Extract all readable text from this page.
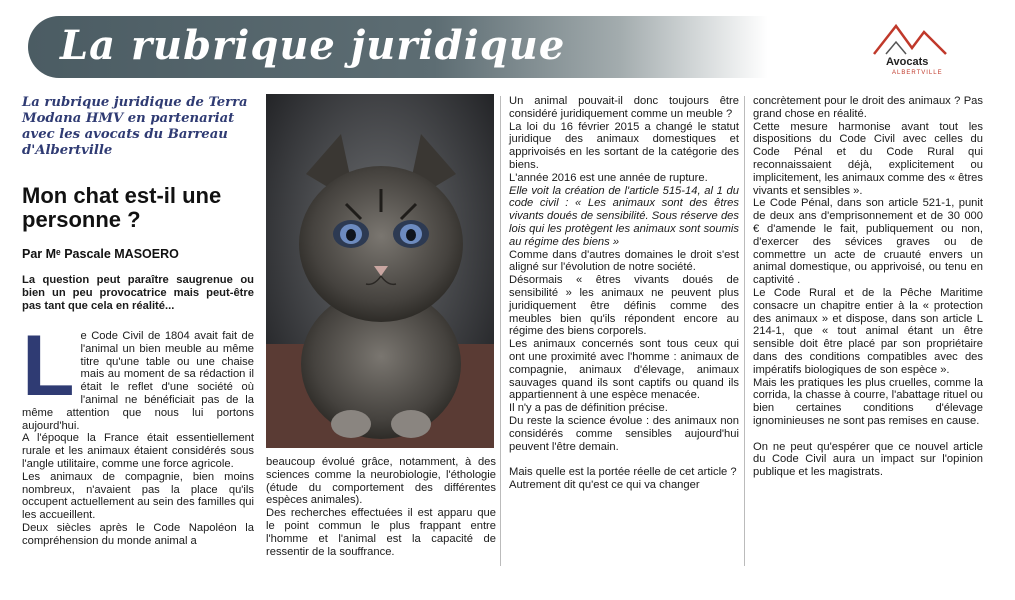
La rubrique juridique	Avocats
ALBERTVILLE
La rubrique juridique de Terra Modana HMV en partenariat avec les avocats du Barreau d'Albertville
Mon chat est-il une personne ?
Par Mᵉ Pascale MASOERO
La question peut paraître saugrenue ou bien un peu provocatrice mais peut-être pas tant que cela en réalité...
L e Code Civil de 1804 avait fait de l'animal un bien meuble au même titre qu'une table ou une chaise mais au moment de sa rédaction il était le reflet d'une société où l'animal ne bénéficiait pas de la même attention que nous lui portons aujourd'hui.

A l'époque la France était essentiellement rurale et les animaux étaient considérés sous l'angle utilitaire, comme une force agricole.

Les animaux de compagnie, bien moins nombreux, n'avaient pas la place qu'ils occupent actuellement au sein des familles qui les accueillent.

Deux siècles après le Code Napoléon la compréhension du monde animal a

beaucoup évolué grâce, notamment, à des sciences comme la neurobiologie, l'éthologie (étude du comportement des différentes espèces animales).

Des recherches effectuées il est apparu que le point commun le plus frappant entre l'homme et l'animal est la capacité de ressentir de la souffrance.

Un animal pouvait-il donc toujours être considéré juridiquement comme un meuble ?

La loi du 16 février 2015 a changé le statut juridique des animaux domestiques et apprivoisés en les sortant de la catégorie des biens.

L'année 2016 est une année de rupture.

Elle voit la création de l'article 515-14, al 1 du code civil : « Les animaux sont des êtres vivants doués de sensibilité. Sous réserve des lois qui les protègent les animaux sont soumis au régime des biens »

Comme dans d'autres domaines le droit s'est aligné sur l'évolution de notre société.

Désormais « êtres vivants doués de sensibilité » les animaux ne peuvent plus juridiquement être définis comme des meubles bien qu'ils répondent encore au régime des biens corporels.

Les animaux concernés sont tous ceux qui ont une proximité avec l'homme : animaux de compagnie, animaux d'élevage, animaux sauvages quand ils sont captifs ou quand ils appartiennent à une espèce menacée.

Il n'y a pas de définition précise.

Du reste la science évolue : des animaux non considérés comme sensibles aujourd'hui peuvent l'être demain.

Mais quelle est la portée réelle de cet article ?

Autrement dit qu'est ce qui va changer

concrètement pour le droit des animaux ? Pas grand chose en réalité.

Cette mesure harmonise avant tout les dispositions du Code Civil avec celles du Code Pénal et du Code Rural qui reconnaissaient déjà, explicitement ou implicitement, les animaux comme des « êtres vivants et sensibles ».

Le Code Pénal, dans son article 521-1, punit de deux ans d'emprisonnement et de 30 000 € d'amende le fait, publiquement ou non, d'exercer des sévices graves ou de commettre un acte de cruauté envers un animal domestique, ou apprivoisé, ou tenu en captivité .

Le Code Rural et de la Pêche Maritime consacre un chapitre entier à la « protection des animaux » et dispose, dans son article L 214-1, que « tout animal étant un être sensible doit être placé par son propriétaire dans des conditions compatibles avec des impératifs biologiques de son espèce ».

Mais les pratiques les plus cruelles, comme la corrida, la chasse à courre, l'abattage rituel ou bien certaines conditions d'élevage ignominieuses ne sont pas remises en cause.

On ne peut qu'espérer que ce nouvel article du Code Civil aura un impact sur l'opinion publique et les magistrats.
